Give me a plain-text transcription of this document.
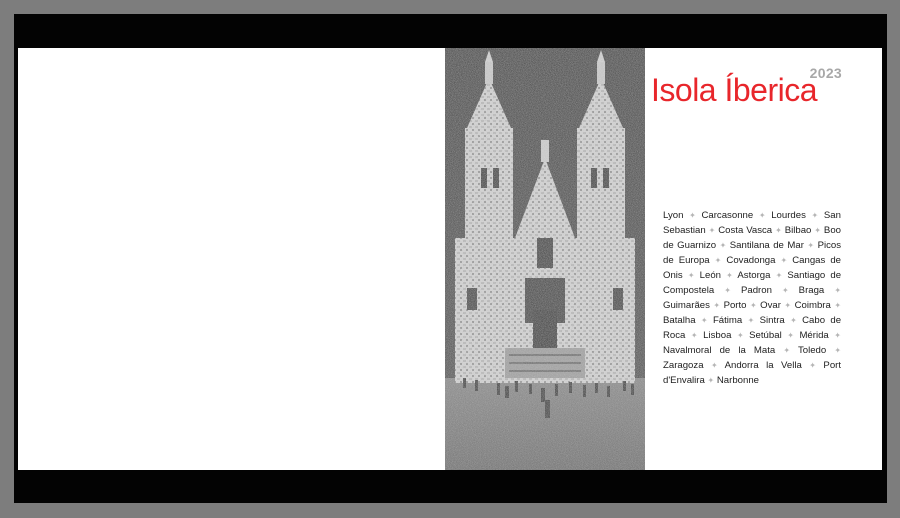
2023
Isola Íberica
Lyon ✦ Carcasonne ✦ Lourdes ✦ San Sebastian ✦ Costa Vasca ✦ Bilbao ✦ Boo de Guarnizo ✦ Santilana de Mar ✦ Picos de Europa ✦ Covadonga ✦ Cangas de Onis ✦ León ✦ Astorga ✦ Santiago de Compostela ✦ Padron ✦ Braga ✦ Guimarães ✦ Porto ✦ Ovar ✦ Coimbra ✦ Batalha ✦ Fátima ✦ Sintra ✦ Cabo de Roca ✦ Lisboa ✦ Setúbal ✦ Mérida ✦ Navalmoral de la Mata ✦ Toledo ✦ Zaragoza ✦ Andorra la Vella ✦ Port d'Envalira ✦ Narbonne
